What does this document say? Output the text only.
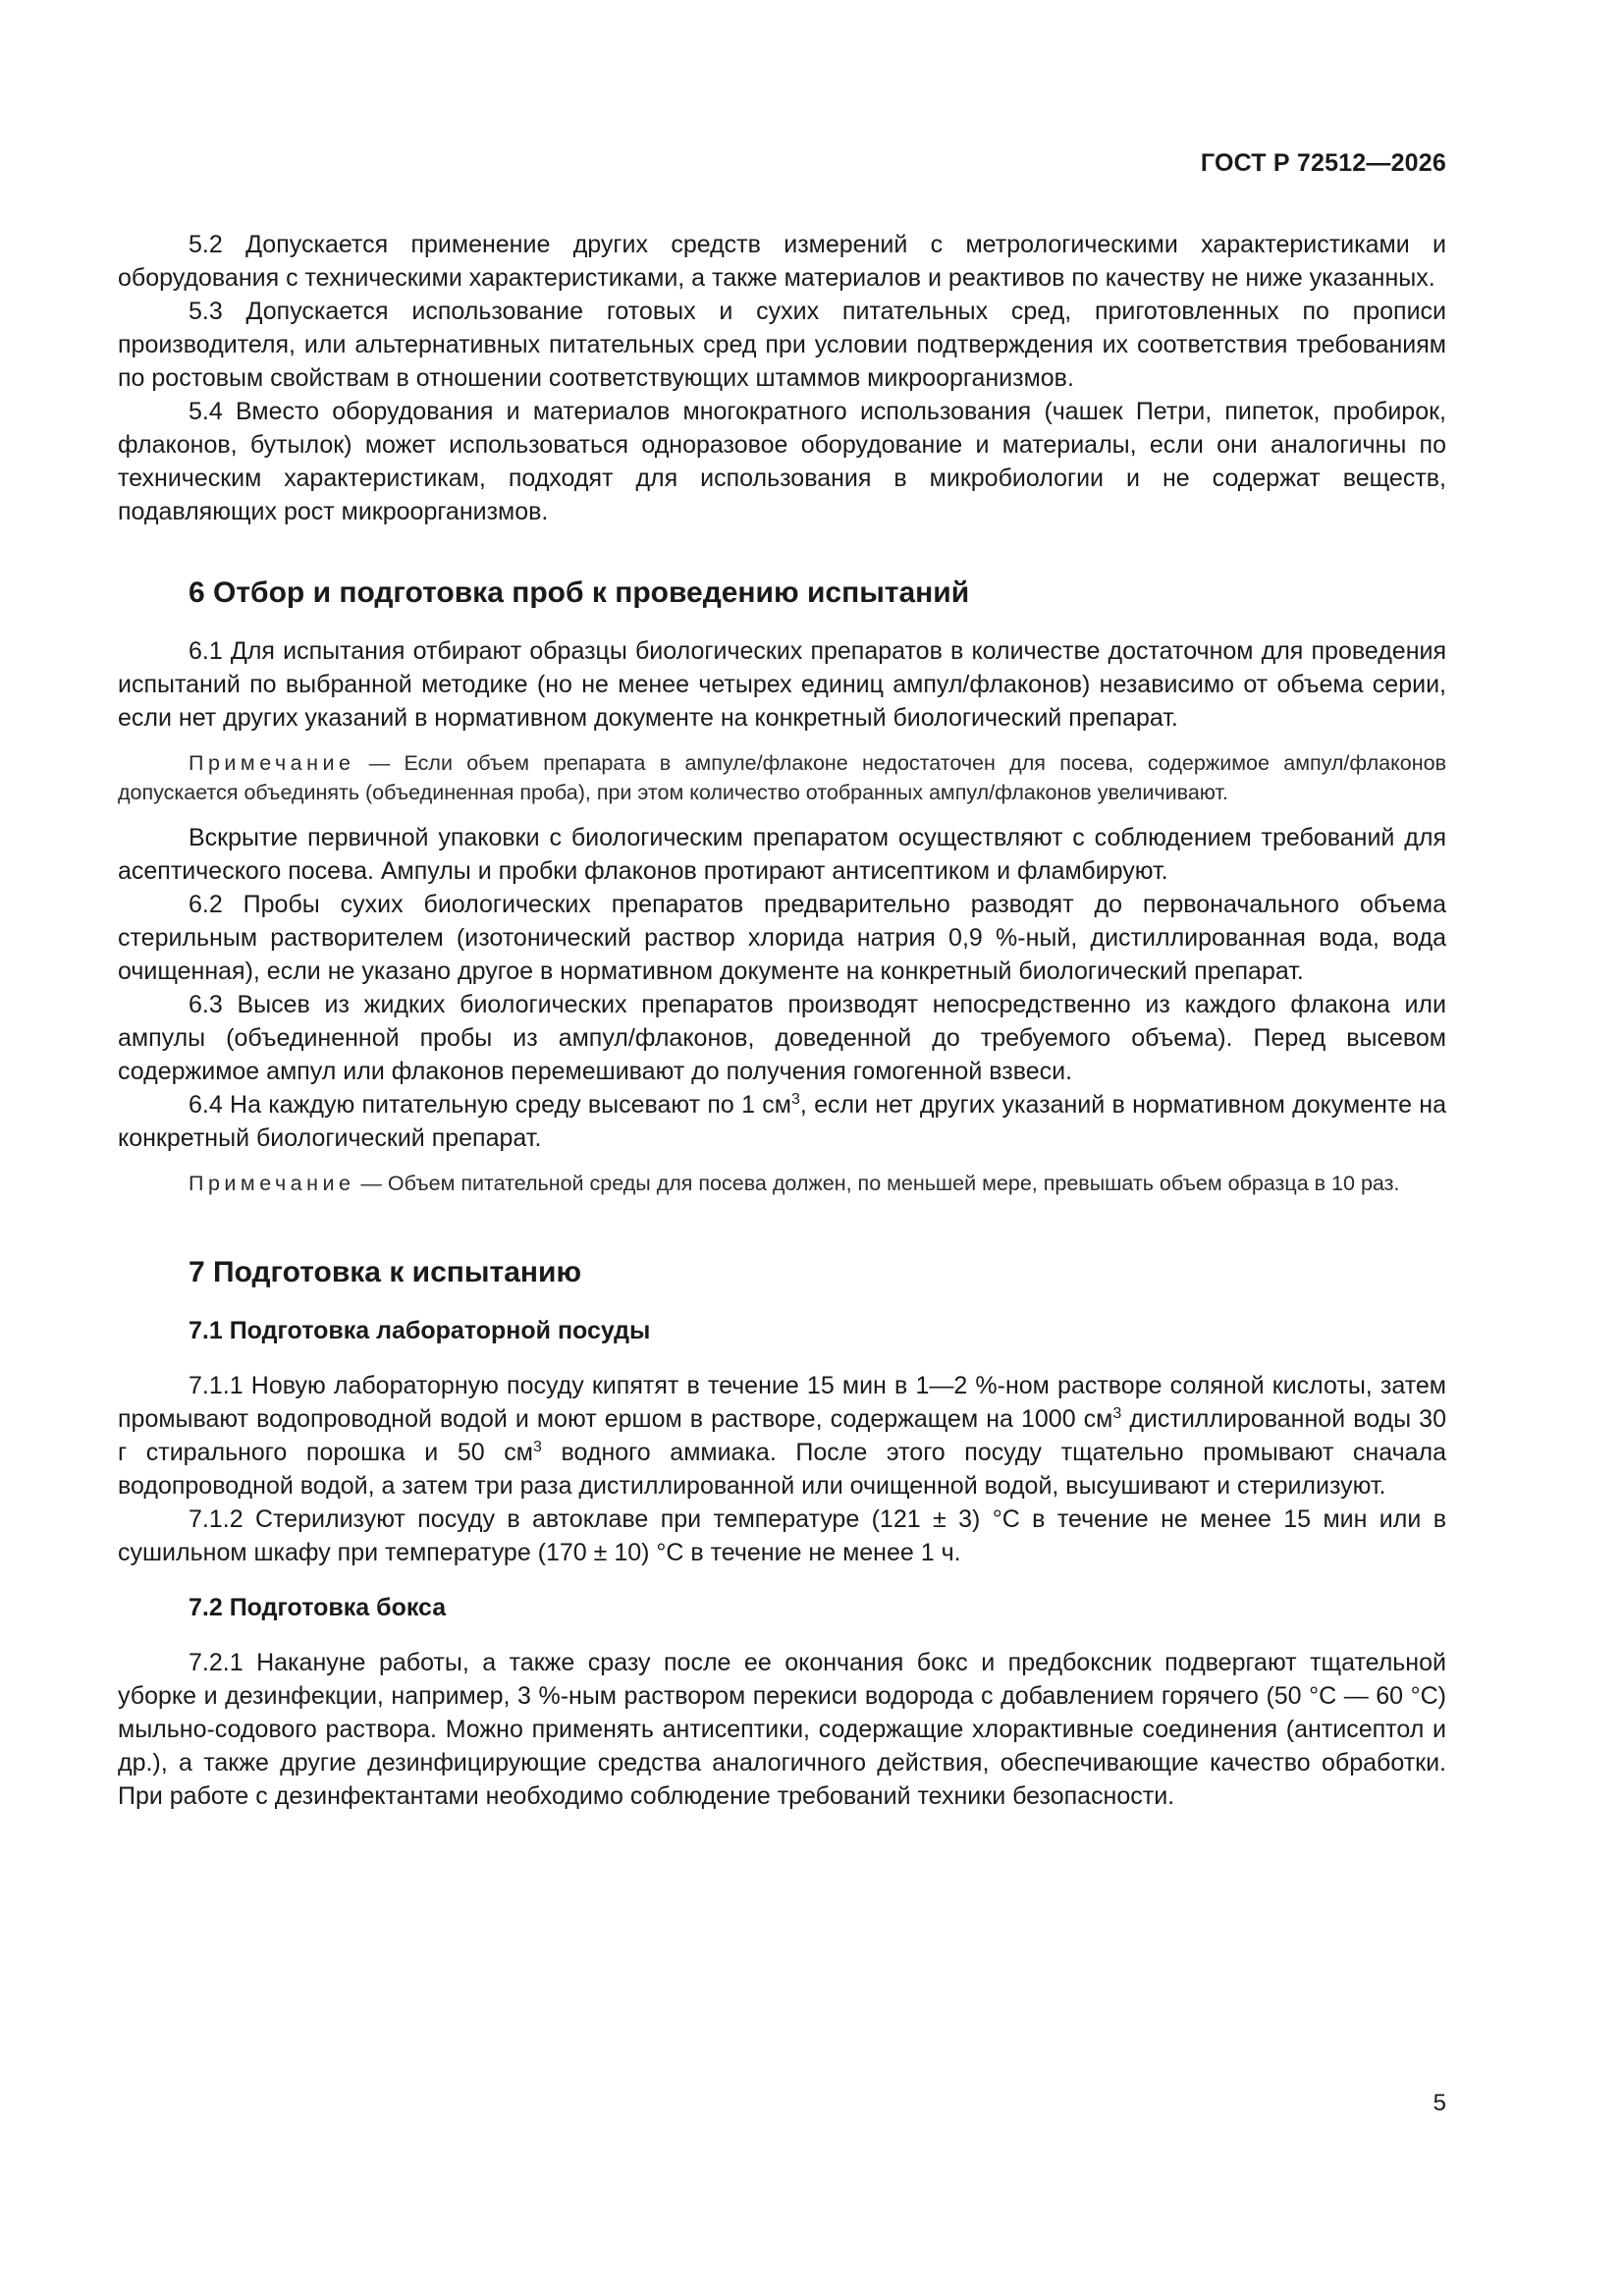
ГОСТ Р 72512—2026

5.2 Допускается применение других средств измерений с метрологическими характеристиками и оборудования с техническими характеристиками, а также материалов и реактивов по качеству не ниже указанных.

5.3 Допускается использование готовых и сухих питательных сред, приготовленных по прописи производителя, или альтернативных питательных сред при условии подтверждения их соответствия требованиям по ростовым свойствам в отношении соответствующих штаммов микроорганизмов.

5.4 Вместо оборудования и материалов многократного использования (чашек Петри, пипеток, пробирок, флаконов, бутылок) может использоваться одноразовое оборудование и материалы, если они аналогичны по техническим характеристикам, подходят для использования в микробиологии и не содержат веществ, подавляющих рост микроорганизмов.

6 Отбор и подготовка проб к проведению испытаний

6.1 Для испытания отбирают образцы биологических препаратов в количестве достаточном для проведения испытаний по выбранной методике (но не менее четырех единиц ампул/флаконов) независимо от объема серии, если нет других указаний в нормативном документе на конкретный биологический препарат.

Примечание — Если объем препарата в ампуле/флаконе недостаточен для посева, содержимое ампул/флаконов допускается объединять (объединенная проба), при этом количество отобранных ампул/флаконов увеличивают.

Вскрытие первичной упаковки с биологическим препаратом осуществляют с соблюдением требований для асептического посева. Ампулы и пробки флаконов протирают антисептиком и фламбируют.

6.2 Пробы сухих биологических препаратов предварительно разводят до первоначального объема стерильным растворителем (изотонический раствор хлорида натрия 0,9 %-ный, дистиллированная вода, вода очищенная), если не указано другое в нормативном документе на конкретный биологический препарат.

6.3 Высев из жидких биологических препаратов производят непосредственно из каждого флакона или ампулы (объединенной пробы из ампул/флаконов, доведенной до требуемого объема). Перед высевом содержимое ампул или флаконов перемешивают до получения гомогенной взвеси.

6.4 На каждую питательную среду высевают по 1 $см^3$, если нет других указаний в нормативном документе на конкретный биологический препарат.

Примечание — Объем питательной среды для посева должен, по меньшей мере, превышать объем образца в 10 раз.

7 Подготовка к испытанию
7.1 Подготовка лабораторной посуды

7.1.1 Новую лабораторную посуду кипятят в течение 15 мин в 1—2 %-ном растворе соляной кислоты, затем промывают водопроводной водой и моют ершом в растворе, содержащем на 1000 $см^3$ дистиллированной воды 30 г стирального порошка и 50 $см^3$ водного аммиака. После этого посуду тщательно промывают сначала водопроводной водой, а затем три раза дистиллированной или очищенной водой, высушивают и стерилизуют.

7.1.2 Стерилизуют посуду в автоклаве при температуре (121 ± 3) °С в течение не менее 15 мин или в сушильном шкафу при температуре (170 ± 10) °С в течение не менее 1 ч.

7.2 Подготовка бокса

7.2.1 Накануне работы, а также сразу после ее окончания бокс и предбоксник подвергают тщательной уборке и дезинфекции, например, 3 %-ным раствором перекиси водорода с добавлением горячего (50 °С — 60 °С) мыльно-содового раствора. Можно применять антисептики, содержащие хлорактивные соединения (антисептол и др.), а также другие дезинфицирующие средства аналогичного действия, обеспечивающие качество обработки. При работе с дезинфектантами необходимо соблюдение требований техники безопасности.

5
